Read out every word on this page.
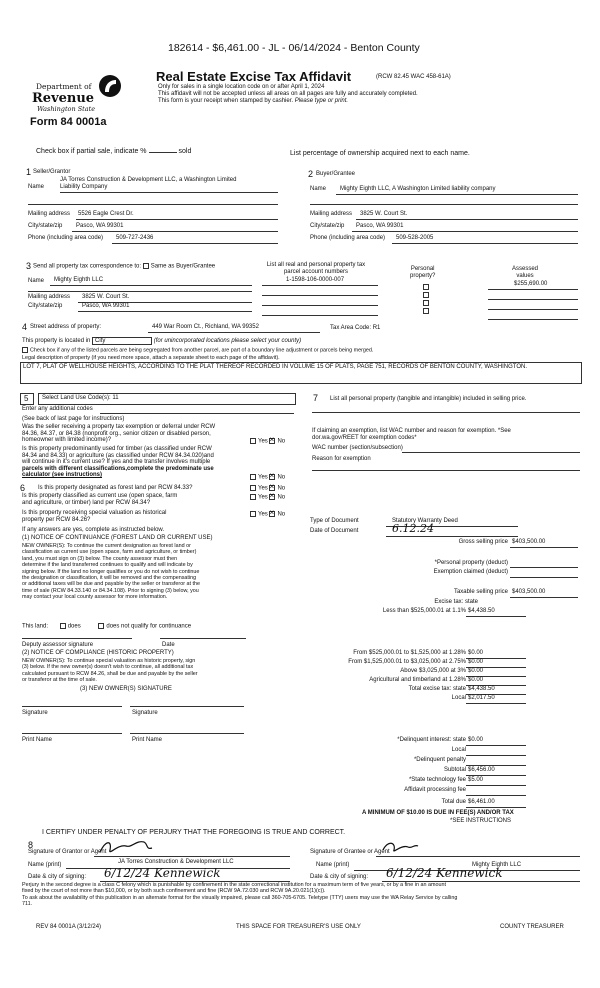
182614 - $6,461.00 - JL - 06/14/2024 - Benton County
Department of
Revenue
Washington State
Real Estate Excise Tax Affidavit	(RCW 82.45 WAC 458-61A)
Only for sales in a single location code on or after April 1, 2024
This affidavit will not be accepted unless all areas on all pages are fully and accurately completed.
This form is your receipt when stamped by cashier. Please type or print.
Form 84 0001a
Check box if partial sale, indicate %	sold	List percentage of ownership acquired next to each name.
1 Seller/Grantor
Name
JA Torres Construction & Development LLC, a Washington Limited
Liability Company
Mailing address 5526 Eagle Crest Dr.
City/state/zip Pasco, WA 99301
Phone (including area code) 509-727-2436
2 Buyer/Grantee
Name Mighty Eighth LLC, A Washington Limited liability company
Mailing address 3825 W. Court St.
City/state/zip Pasco, WA 99301
Phone (including area code) 509-528-2005
3 Send all property tax correspondence to: Same as Buyer/Grantee
Name Mighty Eighth LLC
Mailing address 3825 W. Court St.
City/state/zip	Pasco, WA 99301
List all real and personal property tax
parcel account numbers
1-1598-106-0000-007
Personal
property?

Assessed
values
$255,690.00
4 Street address of property:	449 War Room Ct., Richland, WA 99352	Tax Area Code: R1
This property is located in City	(for unincorporated locations please select your county)
Check box if any of the listed parcels are being segregated from another parcel, are part of a boundary line adjustment or parcels being merged.
Legal description of property (if you need more space, attach a separate sheet to each page of the affidavit).
LOT 7, PLAT OF WELLHOUSE HEIGHTS, ACCORDING TO THE PLAT THEREOF RECORDED IN VOLUME 15 OF PLATS, PAGE 751, RECORDS OF BENTON COUNTY, WASHINGTON.
5 Select Land Use Code(s): 11
Enter any additional codes
(See back of last page for instructions)
Was the seller receiving a property tax exemption or deferral under RCW
84.36, 84.37, or 84.38 (nonprofit org., senior citizen or disabled person,
homeowner with limited income)?	Yes × No
Is this property predominantly used for timber (as classified under RCW
84.34 and 84.33) or agriculture (as classified under RCW 84.34.020)and
will continue in it's current use? If yes and the transfer involves multiple
parcels with different classifications,complete the predominate use
calculator (see instructions)	Yes × No
7 List all personal property (tangible and intangible) included in selling price.
If claiming an exemption, list WAC number and reason for exemption. *See
dor.wa.gov/REET for exemption codes*
WAC number (section/subsection)
Reason for exemption
6 Is this property designated as forest land per RCW 84.33?	Yes × No
Is this property classified as current use (open space, farm
and agriculture, or timber) land per RCW 84.34?
Yes × No
Is this property receiving special valuation as historical
property per RCW 84.26?
Yes × No
If any answers are yes, complete as instructed below.
(1) NOTICE OF CONTINUANCE (FOREST LAND OR CURRENT USE)
NEW OWNER(S): To continue the current designation as forest land or
classification as current use (open space, farm and agriculture, or timber)
land, you must sign on (3) below. The county assessor must then
determine if the land transferred continues to qualify and will indicate by
signing below. If the land no longer qualifies or you do not wish to continue
the designation or classification, it will be removed and the compensating
or additional taxes will be due and payable by the seller or transferor at the
time of sale (RCW 84.33.140 or 84.34.108). Prior to signing (3) below, you
may contact your local county assessor for more information.
This land:	does	does not qualify for continuance
Deputy assessor signature	Date
(2) NOTICE OF COMPLIANCE (HISTORIC PROPERTY)
NEW OWNER(S): To continue special valuation as historic property, sign
(3) below. If the new owner(s) doesn't wish to continue, all additional tax
calculated pursuant to RCW 84.26, shall be due and payable by the seller
or transferor at the time of sale.
(3) NEW OWNER(S) SIGNATURE
Signature	Signature
Print Name	Print Name
Type of Document	Statutory Warranty Deed
Date of Document	6.12.24
Gross selling price $403,500.00
*Personal property (deduct)
Exemption claimed (deduct)
Taxable selling price $403,500.00
Excise tax: state
Less than $525,000.01 at 1.1% $4,438.50
From $525,000.01 to $1,525,000 at 1.28% $0.00
From $1,525,000.01 to $3,025,000 at 2.75% $0.00
Above $3,025,000 at 3% $0.00
Agricultural and timberland at 1.28% $0.00
Total excise tax: state $4,438.50
Local $2,017.50
*Delinquent interest: state $0.00
Local
*Delinquent penalty
Subtotal $6,456.00
*State technology fee $5.00
Affidavit processing fee
Total due $6,461.00
A MINIMUM OF $10.00 IS DUE IN FEE(S) AND/OR TAX
*SEE INSTRUCTIONS
I CERTIFY UNDER PENALTY OF PERJURY THAT THE FOREGOING IS TRUE AND CORRECT.
8
Signature of Grantor or Agent	Signature of Grantee or Agent
Name (print)	JA Torres Construction & Development LLC	Name (print)	Mighty Eighth LLC
Date & city of signing: 6/12/24 Kennewick	Date & city of signing: 6/12/24 Kennewick
Perjury in the second degree is a class C felony which is punishable by confinement in the state correctional institution for a maximum term of five years, or by a fine in an amount
fixed by the court of not more than $10,000, or by both such confinement and fine (RCW 9A.72.030 and RCW 9A.20.021(1)(c)).
To ask about the availability of this publication in an alternate format for the visually impaired, please call 360-705-6705. Teletype (TTY) users may use the WA Relay Service by calling
711.
REV 84 0001A (3/12/24)	THIS SPACE FOR TREASURER'S USE ONLY	COUNTY TREASURER
